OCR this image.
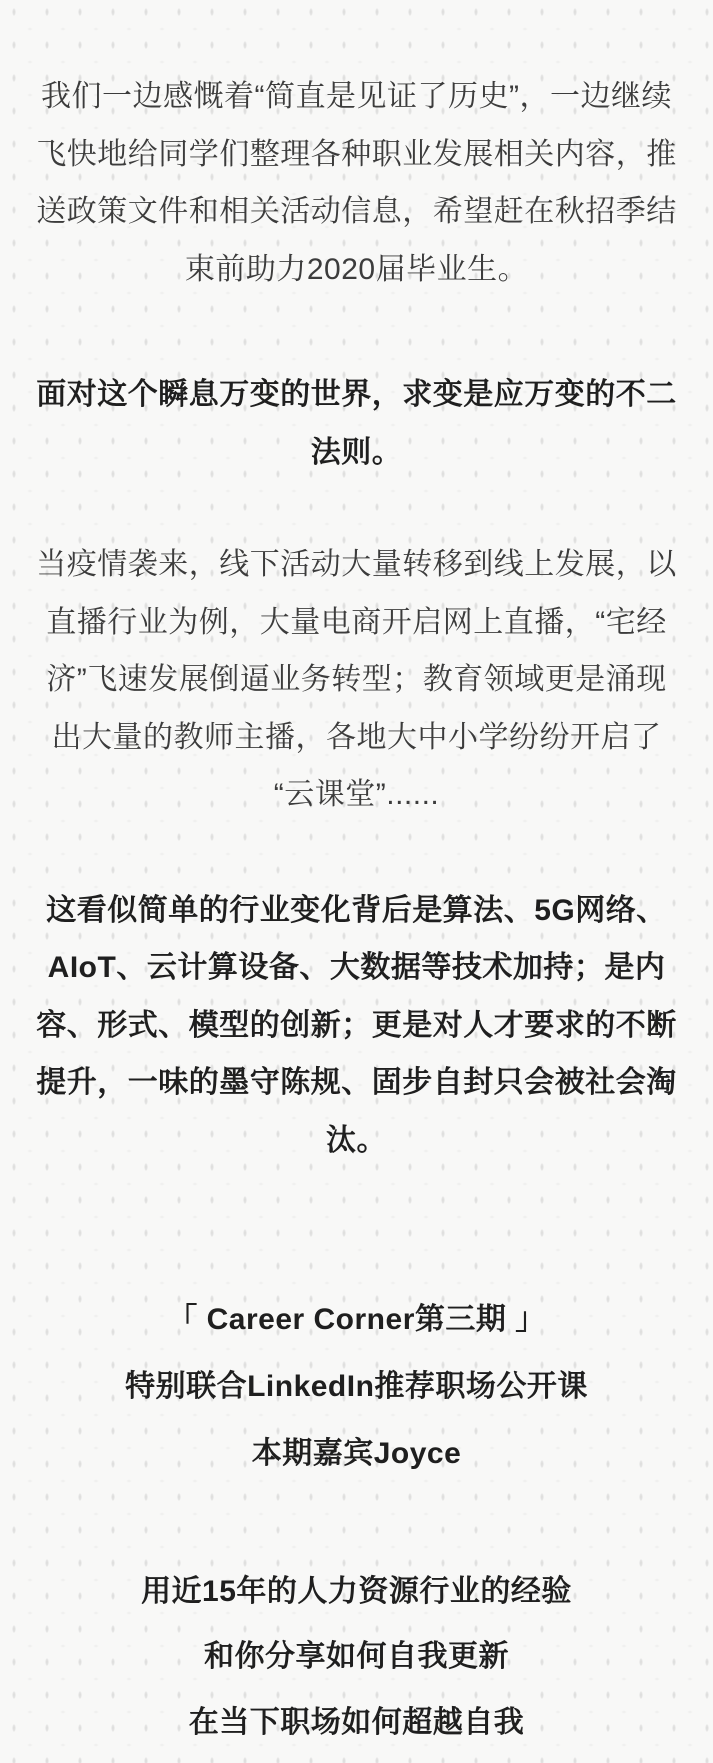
我们一边感慨着“简直是见证了历史”，一边继续
飞快地给同学们整理各种职业发展相关内容，推
送政策文件和相关活动信息，希望赶在秋招季结
束前助力2020届毕业生。

面对这个瞬息万变的世界，求变是应万变的不二
法则。

当疫情袭来，线下活动大量转移到线上发展，以
直播行业为例，大量电商开启网上直播，“宅经
济”飞速发展倒逼业务转型；教育领域更是涌现
出大量的教师主播，各地大中小学纷纷开启了
“云课堂”......

这看似简单的行业变化背后是算法、5G网络、
AIoT、云计算设备、大数据等技术加持；是内
容、形式、模型的创新；更是对人才要求的不断
提升，一味的墨守陈规、固步自封只会被社会淘
汰。

「 Career Corner第三期 」

特别联合LinkedIn推荐职场公开课

本期嘉宾Joyce

用近15年的人力资源行业的经验

和你分享如何自我更新

在当下职场如何超越自我
